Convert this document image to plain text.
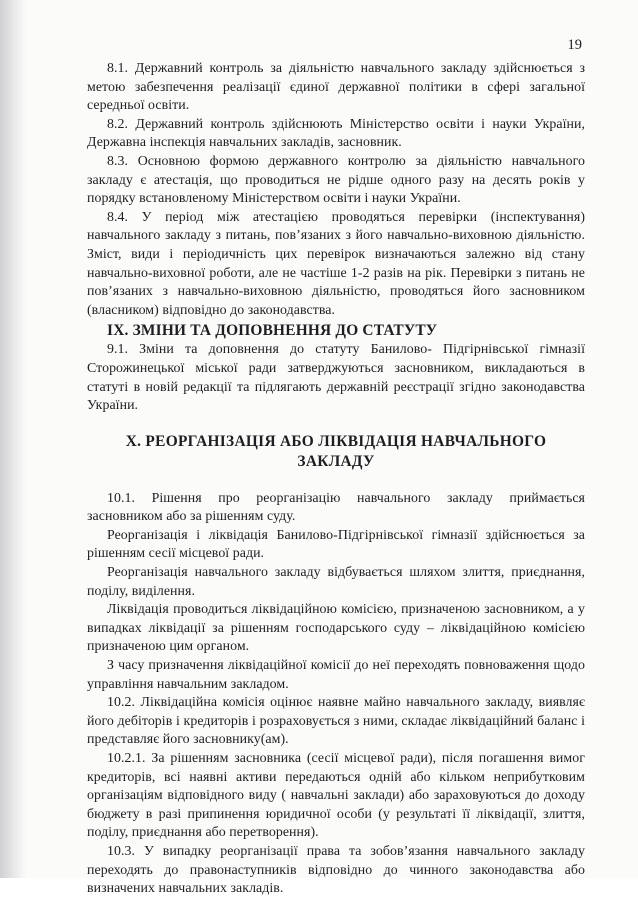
19

8.1. Державний контроль за діяльністю навчального закладу здійснюється з метою забезпечення реалізації єдиної державної політики в сфері загальної середньої освіти.

8.2. Державний контроль здійснюють Міністерство освіти і науки України, Державна інспекція навчальних закладів, засновник.

8.3. Основною формою державного контролю за діяльністю навчального закладу є атестація, що проводиться не рідше одного разу на десять років у порядку встановленому Міністерством освіти і науки України.

8.4. У період між атестацією проводяться перевірки (інспектування) навчального закладу з питань, пов’язаних з його навчально-виховною діяльністю. Зміст, види і періодичність цих перевірок визначаються залежно від стану навчально-виховної роботи, але не частіше 1-2 разів на рік. Перевірки з питань не пов’язаних з навчально-виховною діяльністю, проводяться його засновником (власником) відповідно до законодавства.

IX. ЗМІНИ ТА ДОПОВНЕННЯ ДО СТАТУТУ

9.1. Зміни та доповнення до статуту Банилово- Підгірнівської гімназії Сторожинецької міської ради затверджуються засновником, викладаються в статуті в новій редакції та підлягають державній реєстрації згідно законодавства України.

X. РЕОРГАНІЗАЦІЯ АБО ЛІКВІДАЦІЯ НАВЧАЛЬНОГО ЗАКЛАДУ

10.1. Рішення про реорганізацію навчального закладу приймається засновником або за рішенням суду.

Реорганізація і ліквідація Банилово-Підгірнівської гімназії здійснюється за рішенням сесії місцевої ради.

Реорганізація навчального закладу відбувається шляхом злиття, приєднання, поділу, виділення.

Ліквідація проводиться ліквідаційною комісією, призначеною засновником, а у випадках ліквідації за рішенням господарського суду – ліквідаційною комісією призначеною цим органом.

З часу призначення ліквідаційної комісії до неї переходять повноваження щодо управління навчальним закладом.

10.2. Ліквідаційна комісія оцінює наявне майно навчального закладу, виявляє його дебіторів і кредиторів і розраховується з ними, складає ліквідаційний баланс і представляє його засновнику(ам).

10.2.1. За рішенням засновника (сесії місцевої ради), після погашення вимог кредиторів, всі наявні активи передаються одній або кільком неприбутковим організаціям відповідного виду ( навчальні заклади) або зараховуються до доходу бюджету в разі припинення юридичної особи (у результаті її ліквідації, злиття, поділу, приєднання або перетворення).

10.3. У випадку реорганізації права та зобов’язання навчального закладу переходять до правонаступників відповідно до чинного законодавства або визначених навчальних закладів.
